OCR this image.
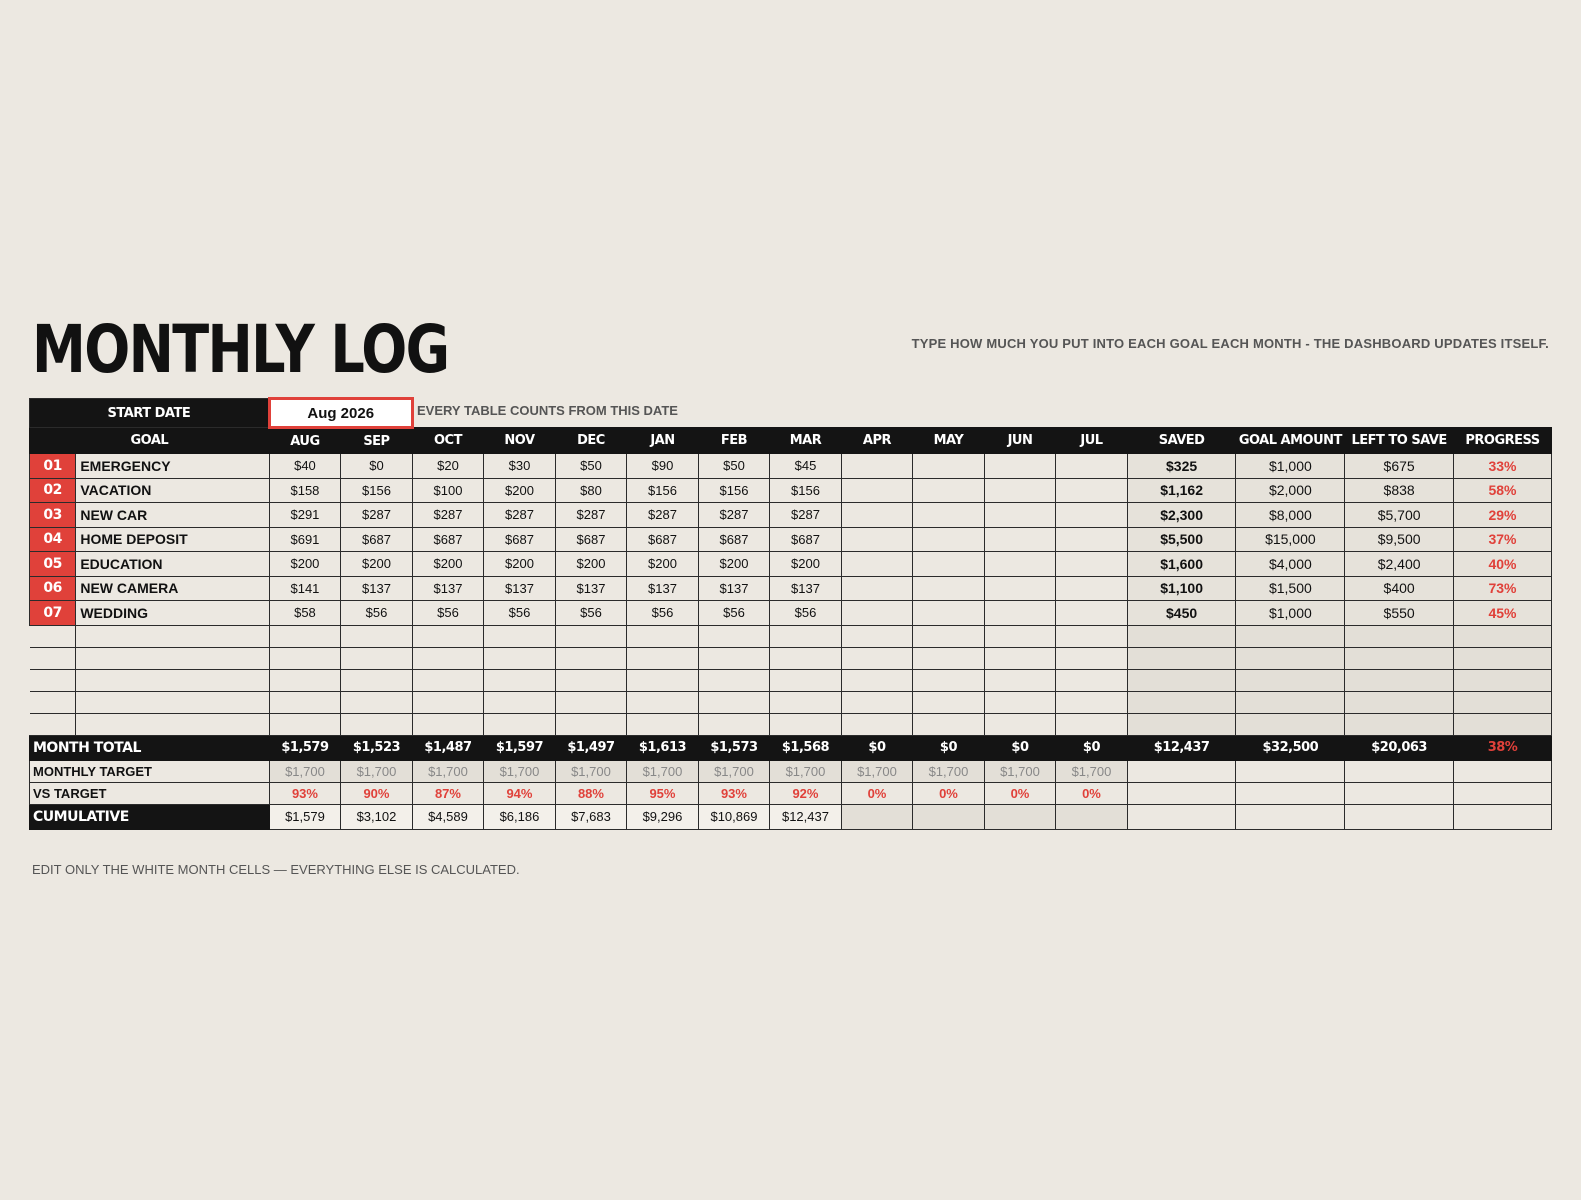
MONTHLY LOG	TYPE HOW MUCH YOU PUT INTO EACH GOAL EACH MONTH - THE DASHBOARD UPDATES ITSELF.
EVERY TABLE COUNTS FROM THIS DATE
START DATE		Aug 2026															
GOAL		AUG	SEP	OCT	NOV	DEC	JAN	FEB	MAR	APR	MAY	JUN	JUL	SAVED	GOAL AMOUNT	LEFT TO SAVE	PROGRESS
01	EMERGENCY	$40	$0	$20	$30	$50	$90	$50	$45					$325	$1,000	$675	33%
02	VACATION	$158	$156	$100	$200	$80	$156	$156	$156					$1,162	$2,000	$838	58%
03	NEW CAR	$291	$287	$287	$287	$287	$287	$287	$287					$2,300	$8,000	$5,700	29%
04	HOME DEPOSIT	$691	$687	$687	$687	$687	$687	$687	$687					$5,500	$15,000	$9,500	37%
05	EDUCATION	$200	$200	$200	$200	$200	$200	$200	$200					$1,600	$4,000	$2,400	40%
06	NEW CAMERA	$141	$137	$137	$137	$137	$137	$137	$137					$1,100	$1,500	$400	73%
07	WEDDING	$58	$56	$56	$56	$56	$56	$56	$56					$450	$1,000	$550	45%

MONTH TOTAL		$1,579	$1,523	$1,487	$1,597	$1,497	$1,613	$1,573	$1,568	$0	$0	$0	$0	$12,437	$32,500	$20,063	38%
MONTHLY TARGET		$1,700	$1,700	$1,700	$1,700	$1,700	$1,700	$1,700	$1,700	$1,700	$1,700	$1,700	$1,700				
VS TARGET		93%	90%	87%	94%	88%	95%	93%	92%	0%	0%	0%	0%				
CUMULATIVE		$1,579	$3,102	$4,589	$6,186	$7,683	$9,296	$10,869	$12,437								
EDIT ONLY THE WHITE MONTH CELLS — EVERYTHING ELSE IS CALCULATED.
